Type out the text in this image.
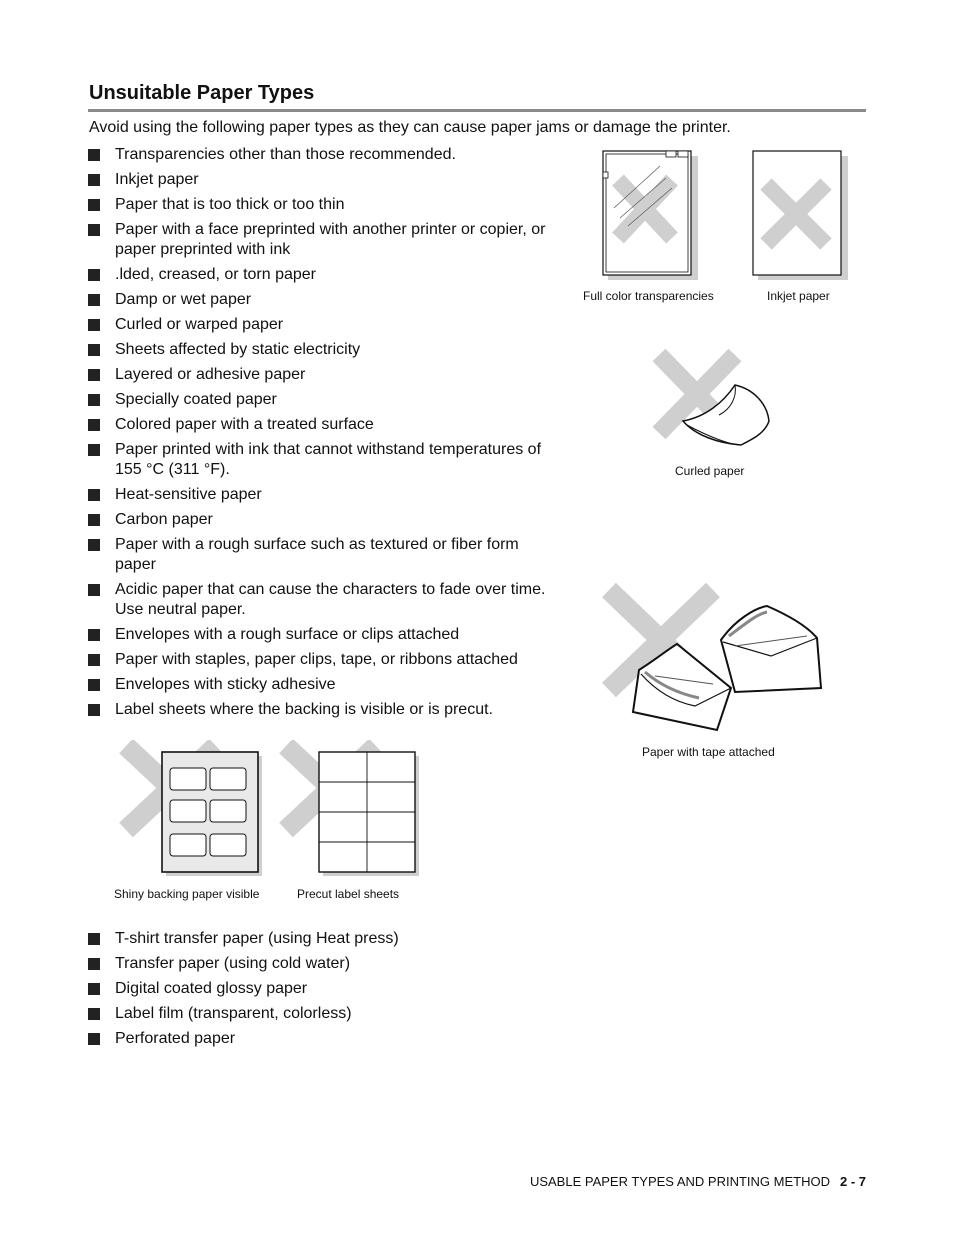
Unsuitable Paper Types

Avoid using the following paper types as they can cause paper jams or damage the printer.

Transparencies other than those recommended.
Inkjet paper
Paper that is too thick or too thin
Paper with a face preprinted with another printer or copier, or paper preprinted with ink
.lded, creased, or torn paper
Damp or wet paper
Curled or warped paper
Sheets affected by static electricity
Layered or adhesive paper
Specially coated paper
Colored paper with a treated surface
Paper printed with ink that cannot withstand temperatures of 155 °C (311 °F).
Heat-sensitive paper
Carbon paper
Paper with a rough surface such as textured or fiber form paper
Acidic paper that can cause the characters to fade over time. Use neutral paper.
Envelopes with a rough surface or clips attached
Paper with staples, paper clips, tape, or ribbons attached
Envelopes with sticky adhesive
Label sheets where the backing is visible or is precut.
Full color transparencies	Inkjet paper
Curled paper
Paper with tape attached
Shiny backing paper visible	Precut label sheets
T-shirt transfer paper (using Heat press)
Transfer paper (using cold water)
Digital coated glossy paper
Label film (transparent, colorless)
Perforated paper
USABLE PAPER TYPES AND PRINTING METHOD 2 - 7
